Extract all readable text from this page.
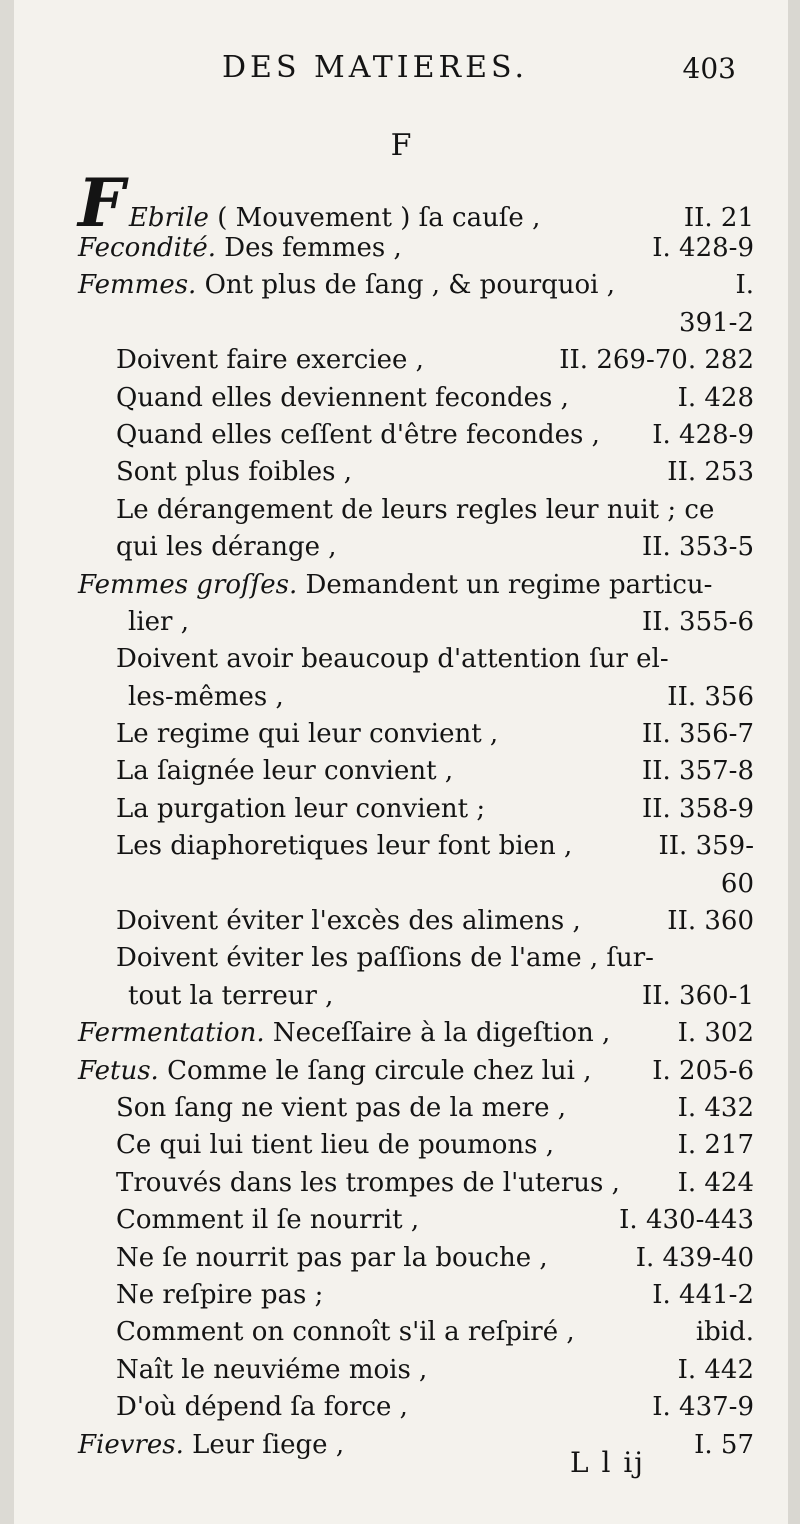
DES MATIERES.	403
F
F Ebrile ( Mouvement ) ſa cauſe ,	II. 21
Fecondité. Des femmes ,	I. 428-9
Femmes. Ont plus de ſang , & pourquoi ,	I.
391-2
Doivent faire exerciee ,	II. 269-70. 282
Quand elles deviennent fecondes ,	I. 428
Quand elles ceſſent d'être fecondes ,	I. 428-9
Sont plus foibles ,	II. 253
Le dérangement de leurs regles leur nuit ; ce
qui les dérange ,	II. 353-5
Femmes groſſes. Demandent un regime particu-
lier ,	II. 355-6
Doivent avoir beaucoup d'attention ſur el-
les-mêmes ,	II. 356
Le regime qui leur convient ,	II. 356-7
La ſaignée leur convient ,	II. 357-8
La purgation leur convient ;	II. 358-9
Les diaphoretiques leur font bien ,	II. 359-
60
Doivent éviter l'excès des alimens ,	II. 360
Doivent éviter les paſſions de l'ame , ſur-
tout la terreur ,	II. 360-1
Fermentation. Neceſſaire à la digeſtion ,	I. 302
Fetus. Comme le ſang circule chez lui ,	I. 205-6
Son ſang ne vient pas de la mere ,	I. 432
Ce qui lui tient lieu de poumons ,	I. 217
Trouvés dans les trompes de l'uterus ,	I. 424
Comment il ſe nourrit ,	I. 430-443
Ne ſe nourrit pas par la bouche ,	I. 439-40
Ne reſpire pas ;	I. 441-2
Comment on connoît s'il a reſpiré ,	ibid.
Naît le neuviéme mois ,	I. 442
D'où dépend ſa force ,	I. 437-9
Fievres. Leur ſiege ,	I. 57
L l ij
